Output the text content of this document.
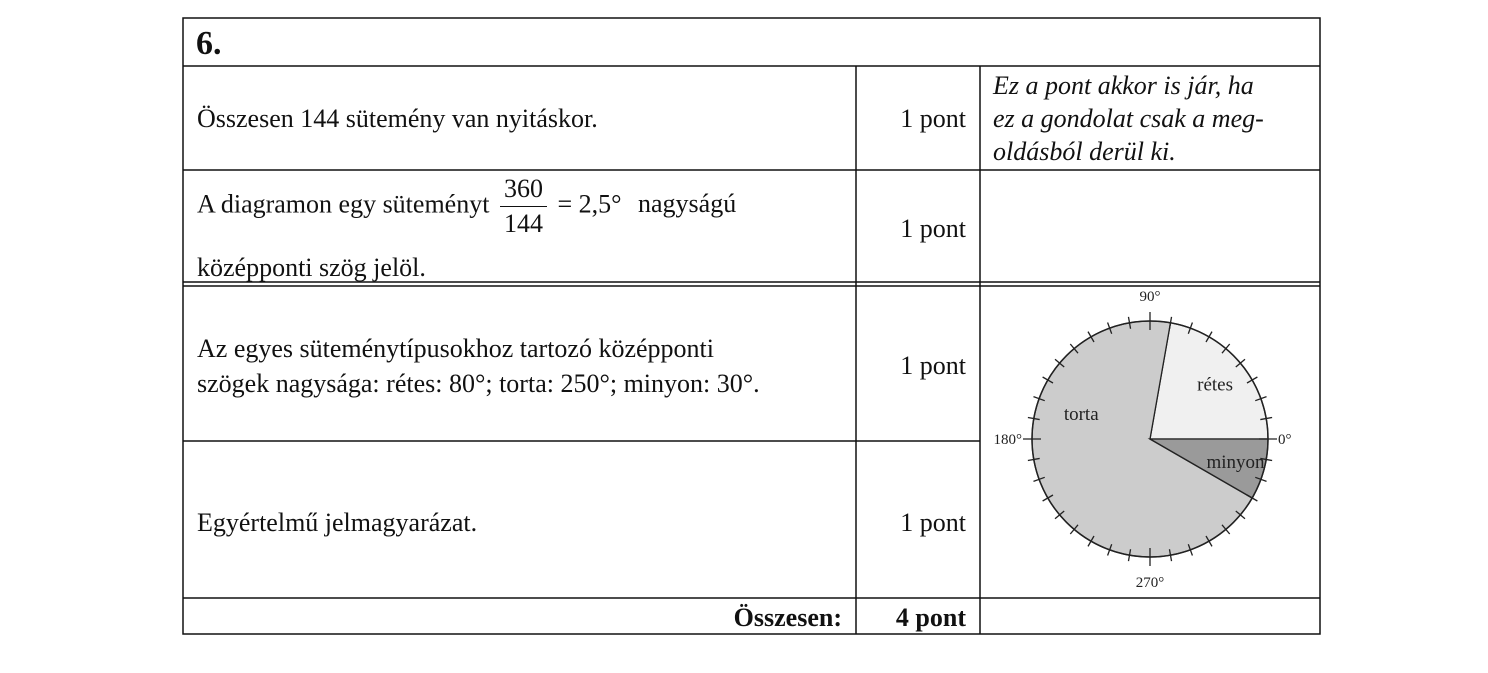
6.
Összesen 144 sütemény van nyitáskor.	1 pont
Ez a pont akkor is jár, ha
ez a gondolat csak a meg-
oldásból derül ki.
A diagramon egy süteményt $\frac{360}{144} = 2,5^\circ$ nagyságú
középponti szög jelöl.
1 pont
Az egyes süteménytípusokhoz tartozó középponti
szögek nagysága: rétes: 80°; torta: 250°; minyon: 30°.
1 pont
Egyértelmű jelmagyarázat.	1 pont
Összesen:	4 pont
90°
180°
270°
0°
rétes
torta
minyon
